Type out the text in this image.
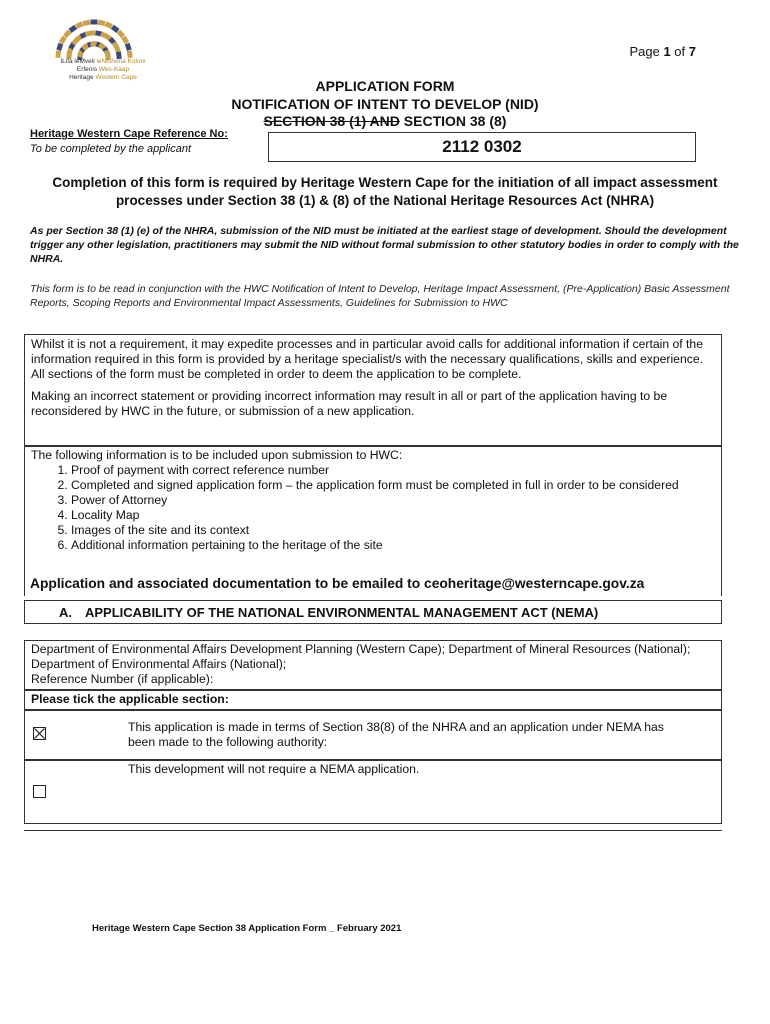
ILifa leMveli leNtshona Koloni
Erfenis Wes-Kaap
Heritage Western Cape
Page 1 of 7
APPLICATION FORM
NOTIFICATION OF INTENT TO DEVELOP (NID)
SECTION 38 (1) AND SECTION 38 (8)
Heritage Western Cape Reference No:
To be completed by the applicant	2112 0302
Completion of this form is required by Heritage Western Cape for the initiation of all impact assessment processes under Section 38 (1) & (8) of the National Heritage Resources Act (NHRA)
As per Section 38 (1) (e) of the NHRA, submission of the NID must be initiated at the earliest stage of development. Should the development trigger any other legislation, practitioners may submit the NID without formal submission to other statutory bodies in order to comply with the NHRA.
This form is to be read in conjunction with the HWC Notification of Intent to Develop, Heritage Impact Assessment, (Pre-Application) Basic Assessment Reports, Scoping Reports and Environmental Impact Assessments, Guidelines for Submission to HWC

Whilst it is not a requirement, it may expedite processes and in particular avoid calls for additional information if certain of the information required in this form is provided by a heritage specialist/s with the necessary qualifications, skills and experience. All sections of the form must be completed in order to deem the application to be complete.

Making an incorrect statement or providing incorrect information may result in all or part of the application having to be reconsidered by HWC in the future, or submission of a new application.

The following information is to be included upon submission to HWC:
1. Proof of payment with correct reference number
2. Completed and signed application form – the application form must be completed in full in order to be considered
3. Power of Attorney
4. Locality Map
5. Images of the site and its context
6. Additional information pertaining to the heritage of the site
Application and associated documentation to be emailed to ceoheritage@westerncape.gov.za
A. APPLICABILITY OF THE NATIONAL ENVIRONMENTAL MANAGEMENT ACT (NEMA)
Department of Environmental Affairs Development Planning (Western Cape); Department of Mineral Resources (National); Department of Environmental Affairs (National);
Reference Number (if applicable):
Please tick the applicable section:
This application is made in terms of Section 38(8) of the NHRA and an application under NEMA has been made to the following authority:
This development will not require a NEMA application.
Heritage Western Cape Section 38 Application Form _ February 2021
